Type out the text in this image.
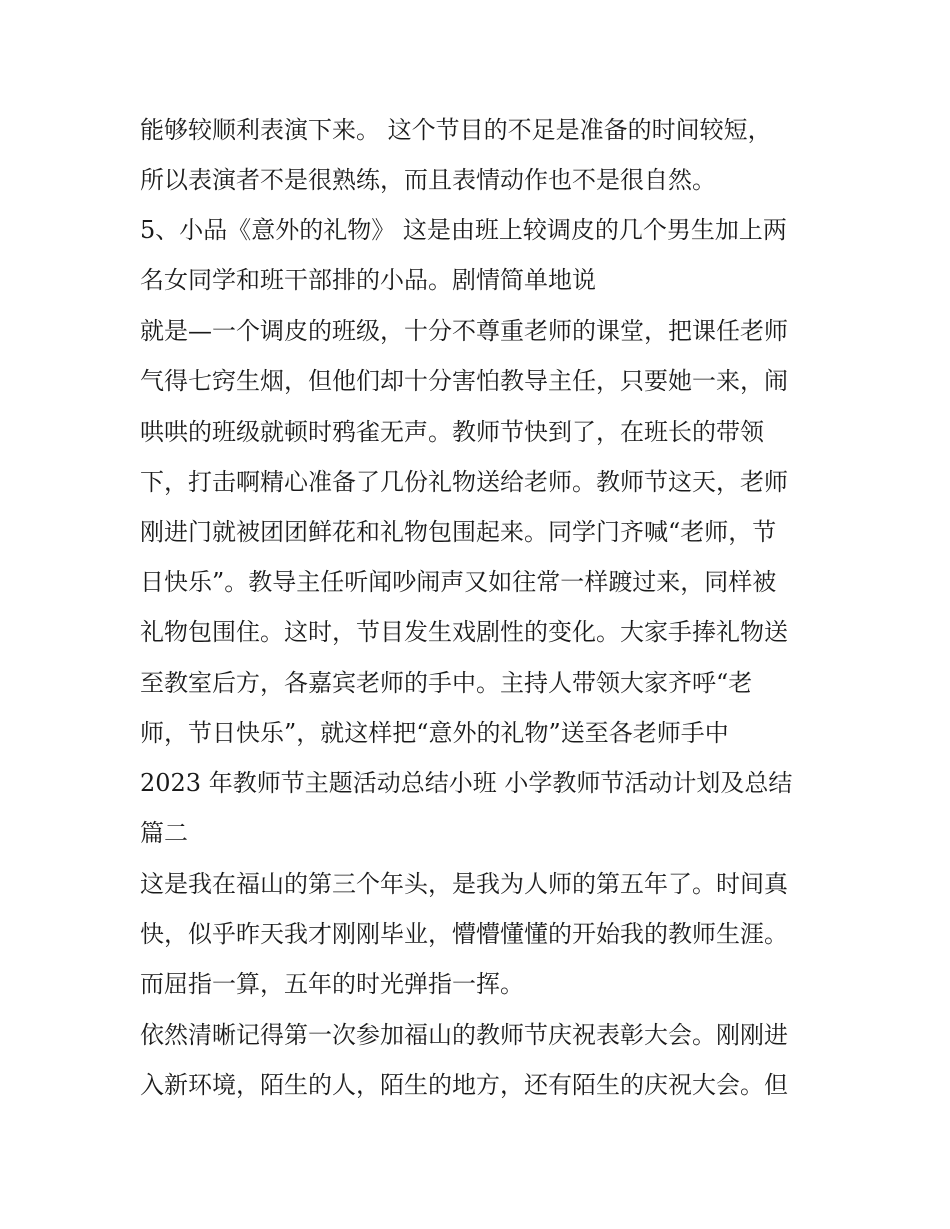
能够较顺利表演下来。 这个节目的不足是准备的时间较短，
所以表演者不是很熟练，而且表情动作也不是很自然。
5、小品《意外的礼物》 这是由班上较调皮的几个男生加上两
名女同学和班干部排的小品。剧情简单地说
就是—一个调皮的班级，十分不尊重老师的课堂，把课任老师
气得七窍生烟，但他们却十分害怕教导主任，只要她一来，闹
哄哄的班级就顿时鸦雀无声。教师节快到了，在班长的带领
下，打击啊精心准备了几份礼物送给老师。教师节这天，老师
刚进门就被团团鲜花和礼物包围起来。同学门齐喊“老师，节
日快乐”。教导主任听闻吵闹声又如往常一样踱过来，同样被
礼物包围住。这时，节目发生戏剧性的变化。大家手捧礼物送
至教室后方，各嘉宾老师的手中。主持人带领大家齐呼“老
师，节日快乐”，就这样把“意外的礼物”送至各老师手中
2023 年教师节主题活动总结小班 小学教师节活动计划及总结
篇二
这是我在福山的第三个年头，是我为人师的第五年了。时间真
快，似乎昨天我才刚刚毕业，懵懵懂懂的开始我的教师生涯。
而屈指一算，五年的时光弹指一挥。
依然清晰记得第一次参加福山的教师节庆祝表彰大会。刚刚进
入新环境，陌生的人，陌生的地方，还有陌生的庆祝大会。但
